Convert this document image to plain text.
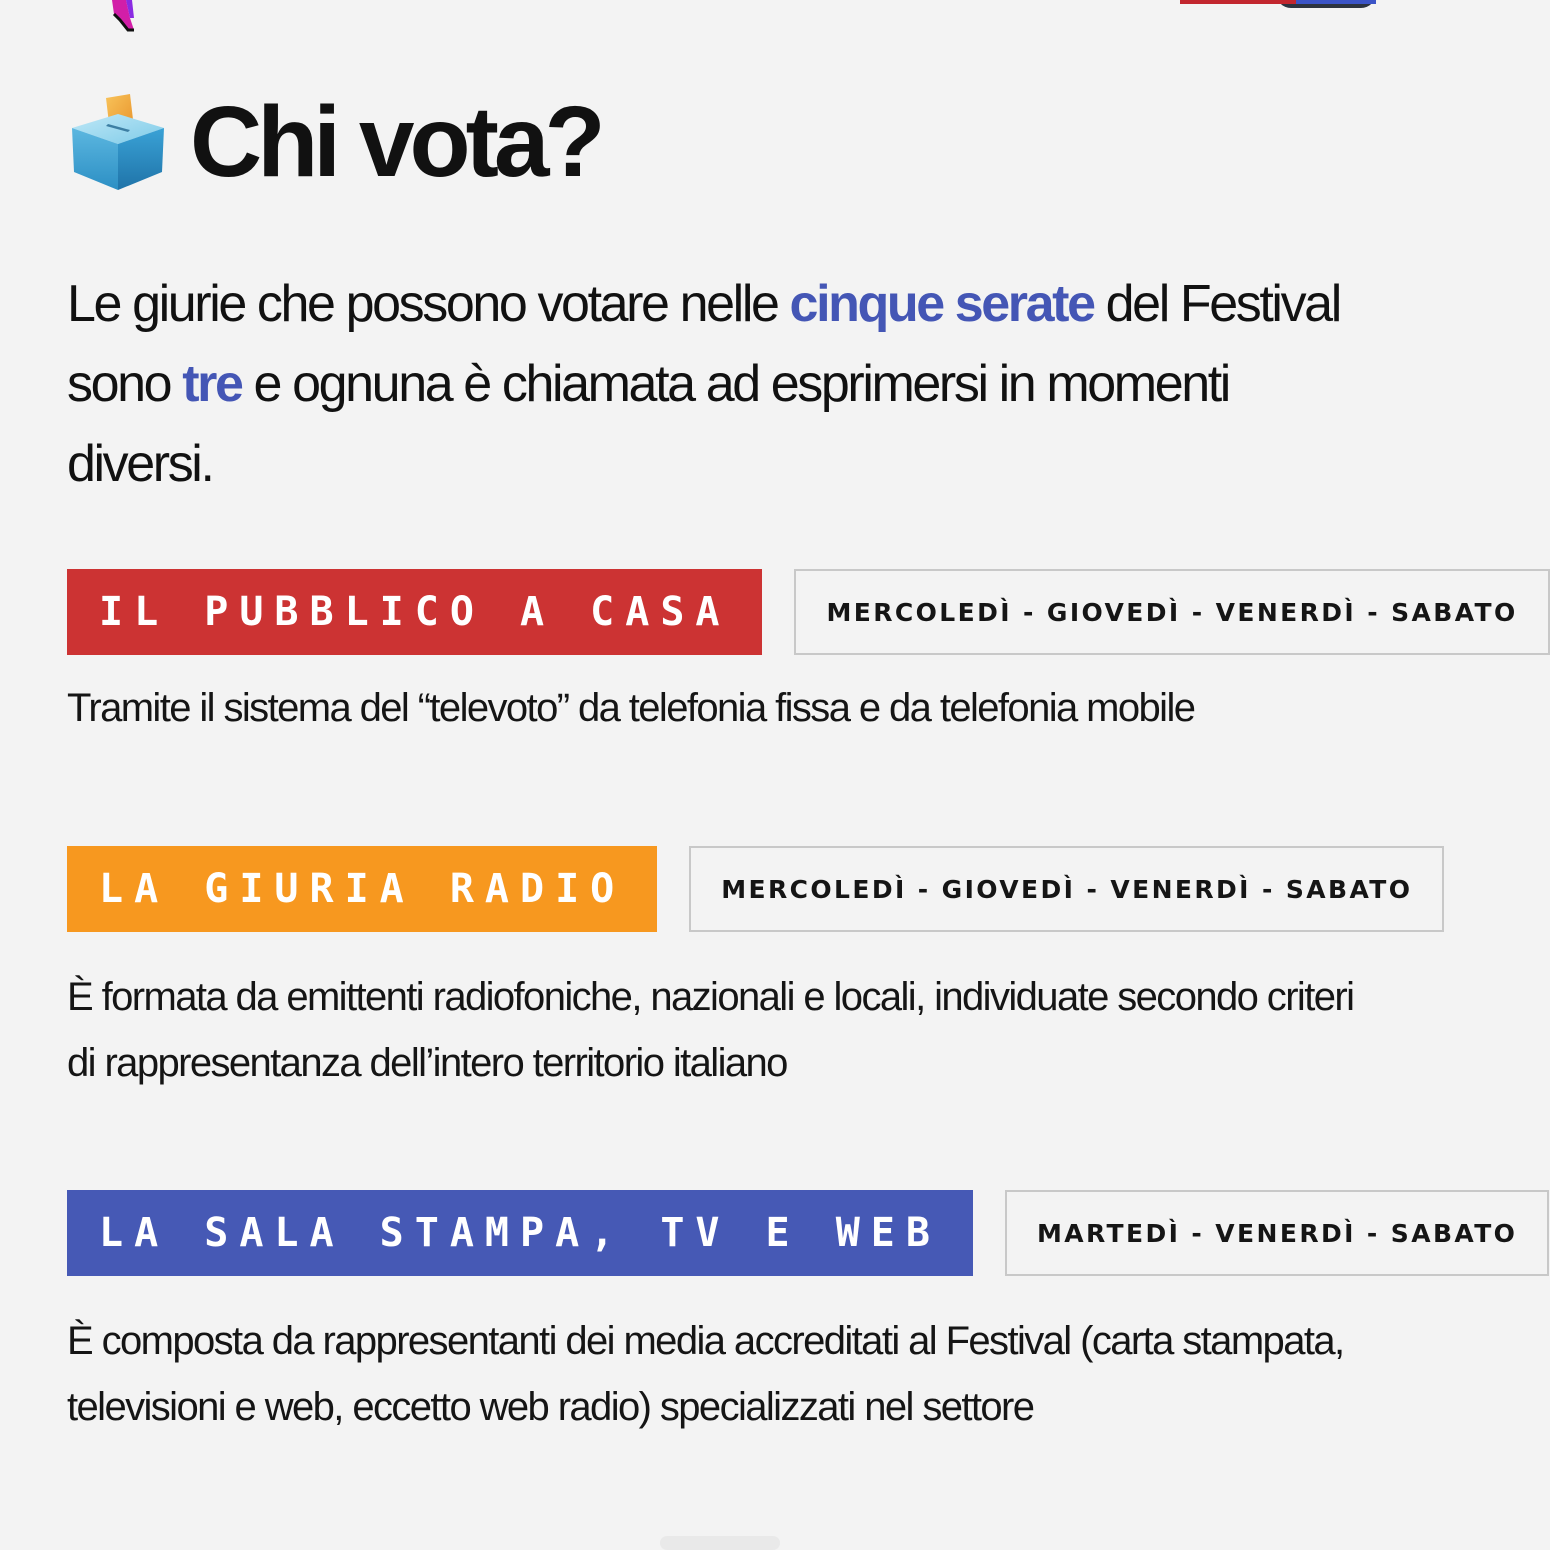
Chi vota?

Le giurie che possono votare nelle cinque serate del Festival sono tre e ognuna è chiamata ad esprimersi in momenti diversi.

IL PUBBLICO A CASA	MERCOLEDÌ - GIOVEDÌ - VENERDÌ - SABATO

Tramite il sistema del “televoto” da telefonia fissa e da telefonia mobile

LA GIURIA RADIO	MERCOLEDÌ - GIOVEDÌ - VENERDÌ - SABATO

È formata da emittenti radiofoniche, nazionali e locali, individuate secondo criteri di rappresentanza dell’intero territorio italiano

LA SALA STAMPA, TV E WEB	MARTEDÌ - VENERDÌ - SABATO

È composta da rappresentanti dei media accreditati al Festival (carta stampata, televisioni e web, eccetto web radio) specializzati nel settore
